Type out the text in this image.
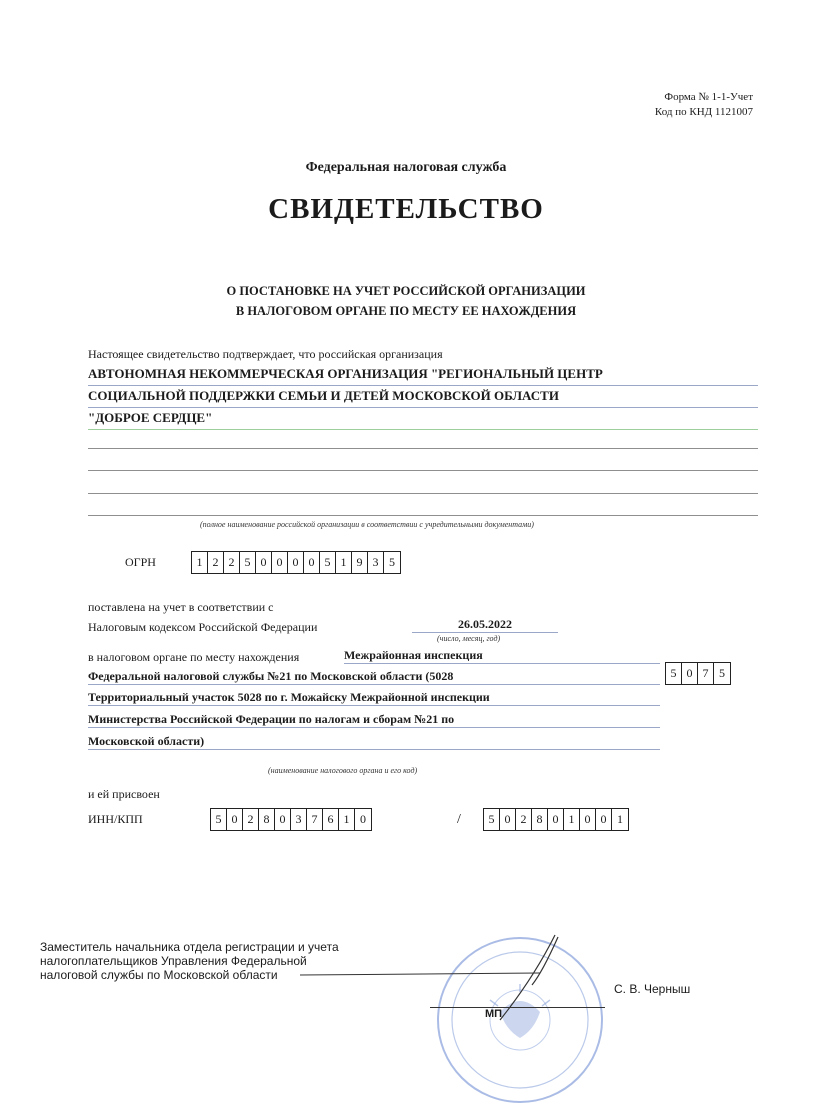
Форма № 1-1-Учет
Код по КНД 1121007
Федеральная налоговая служба
СВИДЕТЕЛЬСТВО
О ПОСТАНОВКЕ НА УЧЕТ РОССИЙСКОЙ ОРГАНИЗАЦИИ
В НАЛОГОВОМ ОРГАНЕ ПО МЕСТУ ЕЕ НАХОЖДЕНИЯ
Настоящее свидетельство подтверждает, что российская организация
АВТОНОМНАЯ НЕКОММЕРЧЕСКАЯ ОРГАНИЗАЦИЯ "РЕГИОНАЛЬНЫЙ ЦЕНТР
СОЦИАЛЬНОЙ ПОДДЕРЖКИ СЕМЬИ И ДЕТЕЙ МОСКОВСКОЙ ОБЛАСТИ
"ДОБРОЕ СЕРДЦЕ"
(полное наименование российской организации в соответствии с учредительными документами)
ОГРН	1 2 2 5 0 0 0 0 5 1 9 3 5
поставлена на учет в соответствии с
Налоговым кодексом Российской Федерации	26.05.2022
(число, месяц, год)
в налоговом органе по месту нахождения	Межрайонная инспекция
Федеральной налоговой службы №21 по Московской области (5028	5 0 7 5
Территориальный участок 5028 по г. Можайску Межрайонной инспекции
Министерства Российской Федерации по налогам и сборам №21 по
Московской области)
(наименование налогового органа и его код)
и ей присвоен
ИНН/КПП	5 0 2 8 0 3 7 6 1 0	/	5 0 2 8 0 1 0 0 1
Заместитель начальника отдела регистрации и учета
налогоплательщиков Управления Федеральной
налоговой службы по Московской области
МП
С. В. Черныш
